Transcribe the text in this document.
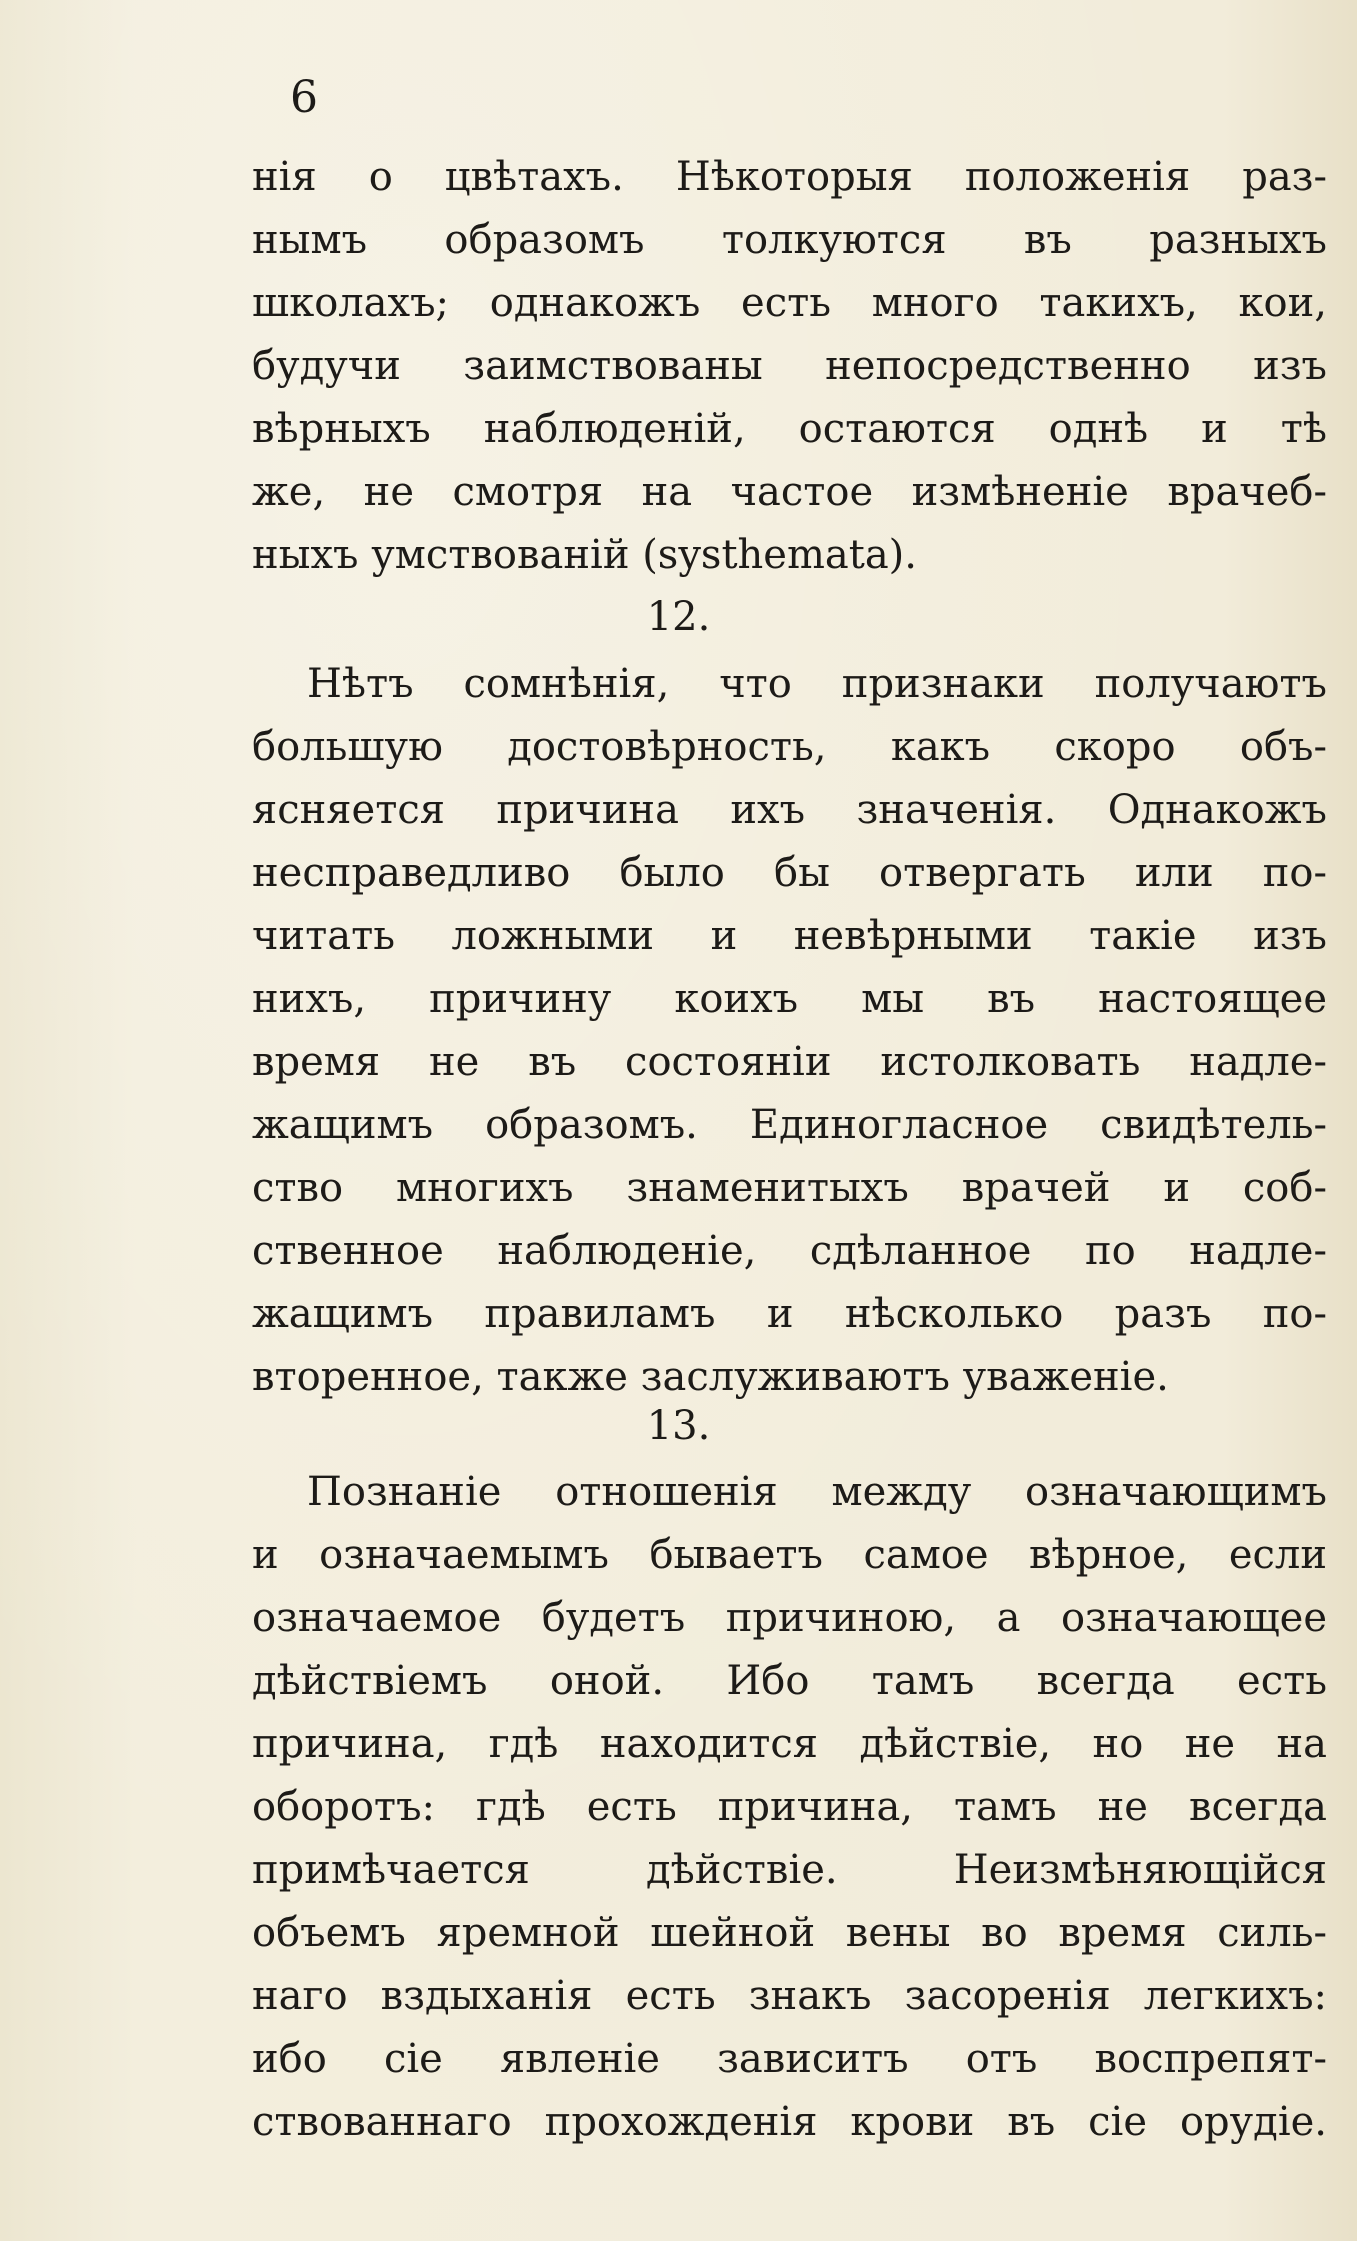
6
нія о цвѣтахъ. Нѣкоторыя положенія раз-
нымъ образомъ толкуются въ разныхъ
школахъ; однакожъ есть много такихъ, кои,
будучи заимствованы непосредственно изъ
вѣрныхъ наблюденій, остаются однѣ и тѣ
же, не смотря на частое измѣненіе врачеб-
ныхъ умствованій (systhemata).
12.
Нѣтъ сомнѣнія, что признаки получаютъ
большую достовѣрность, какъ скоро объ-
ясняется причина ихъ значенія. Однакожъ
несправедливо было бы отвергать или по-
читать ложными и невѣрными такіе изъ
нихъ, причину коихъ мы въ настоящее
время не въ состояніи истолковать надле-
жащимъ образомъ. Единогласное свидѣтель-
ство многихъ знаменитыхъ врачей и соб-
ственное наблюденіе, сдѣланное по надле-
жащимъ правиламъ и нѣсколько разъ по-
вторенное, также заслуживаютъ уваженіе.
13.
Познаніе отношенія между означающимъ
и означаемымъ бываетъ самое вѣрное, если
означаемое будетъ причиною, а означающее
дѣйствіемъ оной. Ибо тамъ всегда есть
причина, гдѣ находится дѣйствіе, но не на
оборотъ: гдѣ есть причина, тамъ не всегда
примѣчается дѣйствіе. Неизмѣняющійся
объемъ яремной шейной вены во время силь-
наго вздыханія есть знакъ засоренія легкихъ:
ибо сіе явленіе зависитъ отъ воспрепят-
ствованнаго прохожденія крови въ сіе орудіе.
